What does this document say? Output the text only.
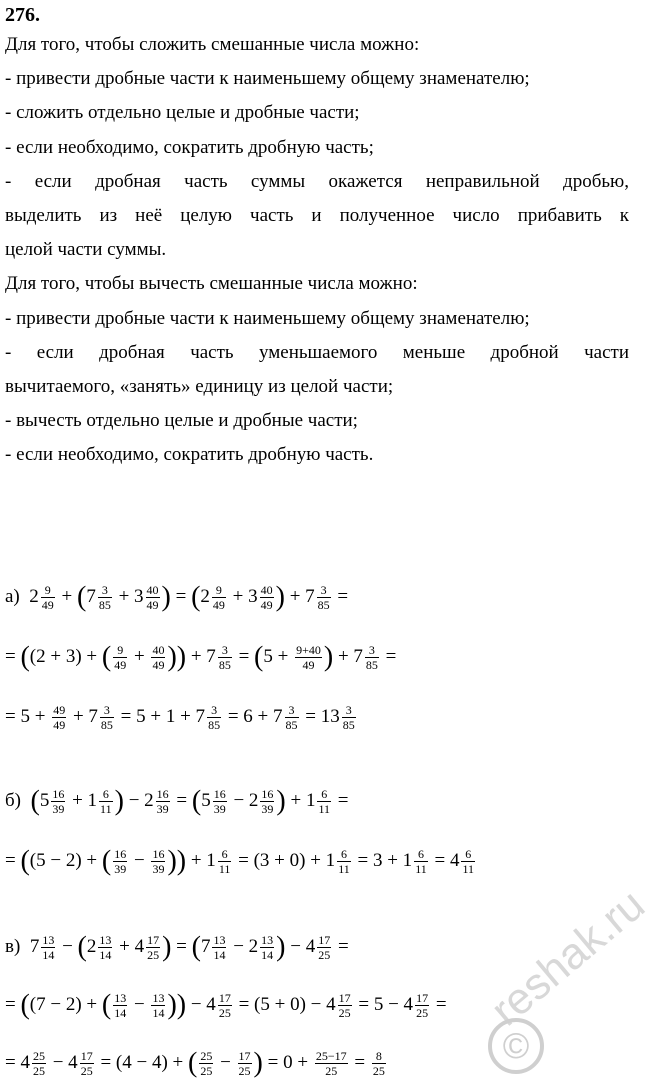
276.
Для того, чтобы сложить смешанные числа можно:
- привести дробные части к наименьшему общему знаменателю;
- сложить отдельно целые и дробные части;
- если необходимо, сократить дробную часть;
- если дробная часть суммы окажется неправильной дробью,
выделить из неё целую часть и полученное число прибавить к
целой части суммы.
Для того, чтобы вычесть смешанные числа можно:
- привести дробные части к наименьшему общему знаменателю;
- если дробная часть уменьшаемого меньше дробной части
вычитаемого, «занять» единицу из целой части;
- вычесть отдельно целые и дробные части;
- если необходимо, сократить дробную часть.
а)  $2 \frac{9}{49} + (7 \frac{3}{85} + 3 \frac{40}{49}$ ) = ($2 \frac{9}{49} + 3 \frac{40}{49}$ ) + $7 \frac{3}{85}$ =
= ((2 + 3) + ( $\frac{9}{49} + \frac{40}{49}$ )) + $7 \frac{3}{85} = (5 + \frac{9+40}{49}$ ) + $7 \frac{3}{85}$ =
= $5 + \frac{49}{49} + 7 \frac{3}{85} = 5 + 1 + 7 \frac{3}{85} = 6 + 7 \frac{3}{85} = 13 \frac{3}{85}$
б) ($5 \frac{16}{39} + 1 \frac{6}{11}$ ) − $2 \frac{16}{39} = (5 \frac{16}{39} - 2 \frac{16}{39}$ ) + $1 \frac{6}{11}$ =
= ((5 − 2) + ( $\frac{16}{39} - \frac{16}{39}$ )) + $1 \frac{6}{11} = (3 + 0) + 1 \frac{6}{11} = 3 + 1 \frac{6}{11} = 4 \frac{6}{11}$
в)  $7 \frac{13}{14} - (2 \frac{13}{14} + 4 \frac{17}{25}$ ) = ($7 \frac{13}{14} - 2 \frac{13}{14}$ ) − $4 \frac{17}{25}$ =
= ((7 − 2) + ( $\frac{13}{14} - \frac{13}{14}$ )) − $4 \frac{17}{25} = (5 + 0) - 4 \frac{17}{25} = 5 - 4 \frac{17}{25}$ =
= $4 \frac{25}{25} - 4 \frac{17}{25} = (4 - 4)$ + ( $\frac{25}{25} - \frac{17}{25}$ ) = $0 + \frac{25-17}{25} = \frac{8}{25}$
reshak.ru
©
